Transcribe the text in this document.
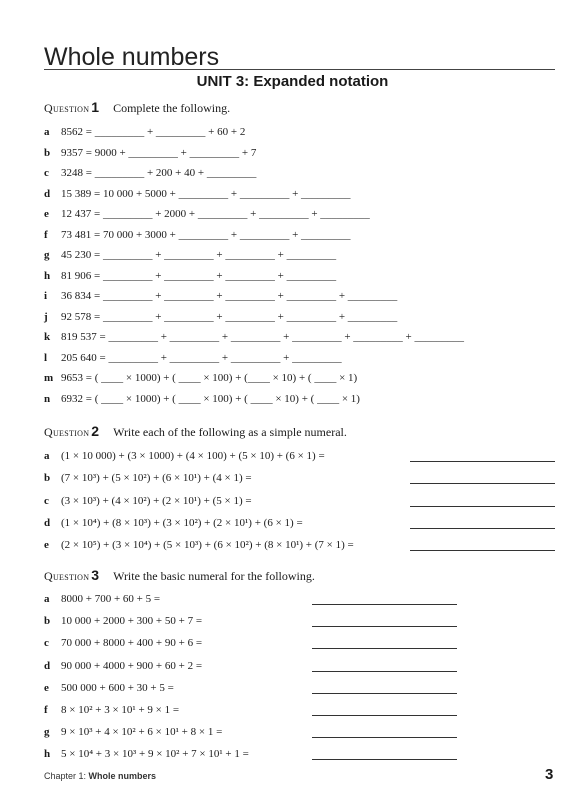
Whole numbers
UNIT 3: Expanded notation
Question 1 Complete the following.
a 8562 = _________ + _________ + 60 + 2
b 9357 = 9000 + _________ + _________ + 7
c 3248 = _________ + 200 + 40 + _________
d 15 389 = 10 000 + 5000 + _________ + _________ + _________
e 12 437 = _________ + 2000 + _________ + _________ + _________
f 73 481 = 70 000 + 3000 + _________ + _________ + _________
g 45 230 = _________ + _________ + _________ + _________
h 81 906 = _________ + _________ + _________ + _________
i 36 834 = _________ + _________ + _________ + _________ + _________
j 92 578 = _________ + _________ + _________ + _________ + _________
k 819 537 = _________ + _________ + _________ + _________ + _________ + _________
l 205 640 = _________ + _________ + _________ + _________
m 9653 = ( ____ × 1000) + ( ____ × 100) + (____ × 10) + ( ____ × 1)
n 6932 = ( ____ × 1000) + ( ____ × 100) + ( ____ × 10) + ( ____ × 1)
Question 2 Write each of the following as a simple numeral.
a (1 × 10 000) + (3 × 1000) + (4 × 100) + (5 × 10) + (6 × 1) =
b (7 × 10³) + (5 × 10²) + (6 × 10¹) + (4 × 1) =
c (3 × 10³) + (4 × 10²) + (2 × 10¹) + (5 × 1) =
d (1 × 10⁴) + (8 × 10³) + (3 × 10²) + (2 × 10¹) + (6 × 1) =
e (2 × 10⁵) + (3 × 10⁴) + (5 × 10³) + (6 × 10²) + (8 × 10¹) + (7 × 1) =
Question 3 Write the basic numeral for the following.
a 8000 + 700 + 60 + 5 =
b 10 000 + 2000 + 300 + 50 + 7 =
c 70 000 + 8000 + 400 + 90 + 6 =
d 90 000 + 4000 + 900 + 60 + 2 =
e 500 000 + 600 + 30 + 5 =
f 8 × 10² + 3 × 10¹ + 9 × 1 =
g 9 × 10³ + 4 × 10² + 6 × 10¹ + 8 × 1 =
h 5 × 10⁴ + 3 × 10³ + 9 × 10² + 7 × 10¹ + 1 =
Chapter 1: Whole numbers	3
